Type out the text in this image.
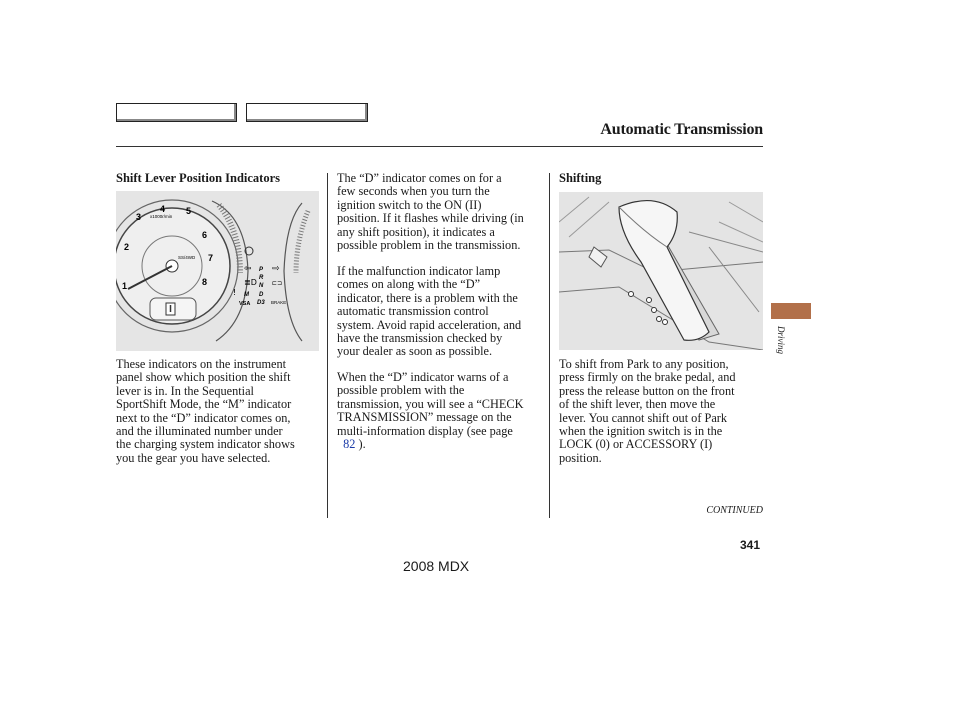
Automatic Transmission
Shift Lever Position Indicators
4 5
6
3
2
7
8
1
x1000r/min
SS/4WD
⇦
≣D
⇨
P
R
N
M D
D3
VSA	BRAKE
!
⊏⊐
These indicators on the instrument
panel show which position the shift
lever is in. In the Sequential
SportShift Mode, the “M” indicator
next to the “D” indicator comes on,
and the illuminated number under
the charging system indicator shows
you the gear you have selected.
The “D” indicator comes on for a
few seconds when you turn the
ignition switch to the ON (II)
position. If it flashes while driving (in
any shift position), it indicates a
possible problem in the transmission.
If the malfunction indicator lamp
comes on along with the “D”
indicator, there is a problem with the
automatic transmission control
system. Avoid rapid acceleration, and
have the transmission checked by
your dealer as soon as possible.
When the “D” indicator warns of a
possible problem with the
transmission, you will see a “CHECK
TRANSMISSION” message on the
multi-information display (see page
82 ).
Shifting
To shift from Park to any position,
press firmly on the brake pedal, and
press the release button on the front
of the shift lever, then move the
lever. You cannot shift out of Park
when the ignition switch is in the
LOCK (0) or ACCESSORY (I)
position.
CONTINUED
Driving
341
2008 MDX
